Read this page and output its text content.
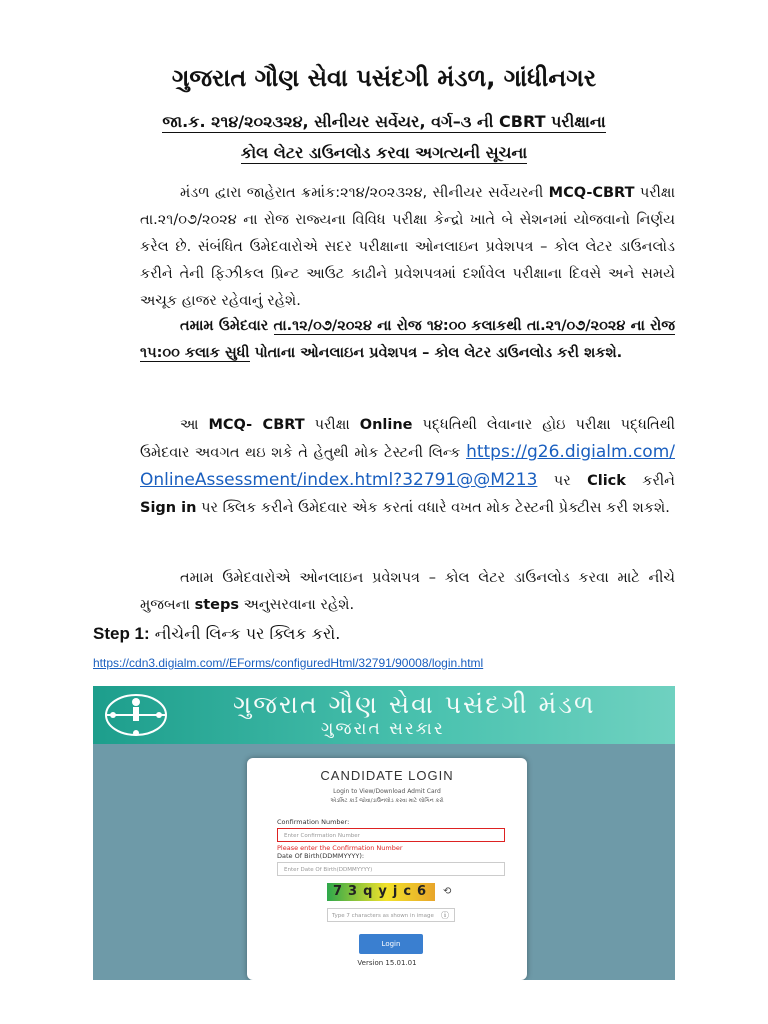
ગુજરાત ગૌણ સેવા પસંદગી મંડળ, ગાંધીનગર
જા.ક. ૨૧૪/૨૦૨૩૨૪, સીનીયર સર્વેયર, વર્ગ–૩ ની CBRT પરીક્ષાના
કોલ લેટર ડાઉનલોડ કરવા અગત્યની સૂચના
મંડળ દ્વારા જાહેરાત ક્રમાંક:૨૧૪/૨૦૨૩૨૪, સીનીયર સર્વેયરની MCQ-CBRT પરીક્ષા તા.૨૧/૦૭/૨૦૨૪ ના રોજ રાજ્યના વિવિધ પરીક્ષા કેન્દ્રો ખાતે બે સેશનમાં યોજવાનો નિર્ણય કરેલ છે. સંબંધિત ઉમેદવારોએ સદર પરીક્ષાના ઓનલાઇન પ્રવેશપત્ર – કોલ લેટર ડાઉનલોડ કરીને તેની ફિઝીકલ પ્રિન્ટ આઉટ કાઢીને પ્રવેશપત્રમાં દર્શાવેલ પરીક્ષાના દિવસે અને સમયે અચૂક હાજર રહેવાનું રહેશે.
તમામ ઉમેદવાર તા.૧૨/૦૭/૨૦૨૪ ના રોજ ૧૪:૦૦ કલાકથી તા.૨૧/૦૭/૨૦૨૪ ના રોજ ૧૫:૦૦ કલાક સુધી પોતાના ઓનલાઇન પ્રવેશપત્ર – કોલ લેટર ડાઉનલોડ કરી શકશે.
આ MCQ- CBRT પરીક્ષા Online પદ્ધતિથી લેવાનાર હોઇ પરીક્ષા પદ્ધતિથી ઉમેદવાર અવગત થઇ શકે તે હેતુથી મોક ટેસ્ટની લિન્ક https://g26.digialm.com/OnlineAssessment/index.html?32791@@M213 પર Click કરીને Sign in પર ક્લિક કરીને ઉમેદવાર એક કરતાં વધારે વખત મોક ટેસ્ટની પ્રેક્ટીસ કરી શકશે.
તમામ ઉમેદવારોએ ઓનલાઇન પ્રવેશપત્ર – કોલ લેટર ડાઉનલોડ કરવા માટે નીચે મુજબના steps અનુસરવાના રહેશે.
Step 1: નીચેની લિન્ક પર ક્લિક કરો.
https://cdn3.digialm.com//EForms/configuredHtml/32791/90008/login.html
ગુજરાત ગૌણ સેવા પસંદગી મંડળ
ગુજરાત સરકાર
CANDIDATE LOGIN
Login to View/Download Admit Card
એડમિટ કાર્ડ જોવા/ડાઉનલોડ કરવા માટે લોગિન કરો
Confirmation Number:
Enter Confirmation Number
Please enter the Confirmation Number
Date Of Birth(DDMMYYYY):
Enter Date Of Birth(DDMMYYYY)
73qyjc6 ⟲
Type 7 characters as shown in image ⓘ
Login
Version 15.01.01
